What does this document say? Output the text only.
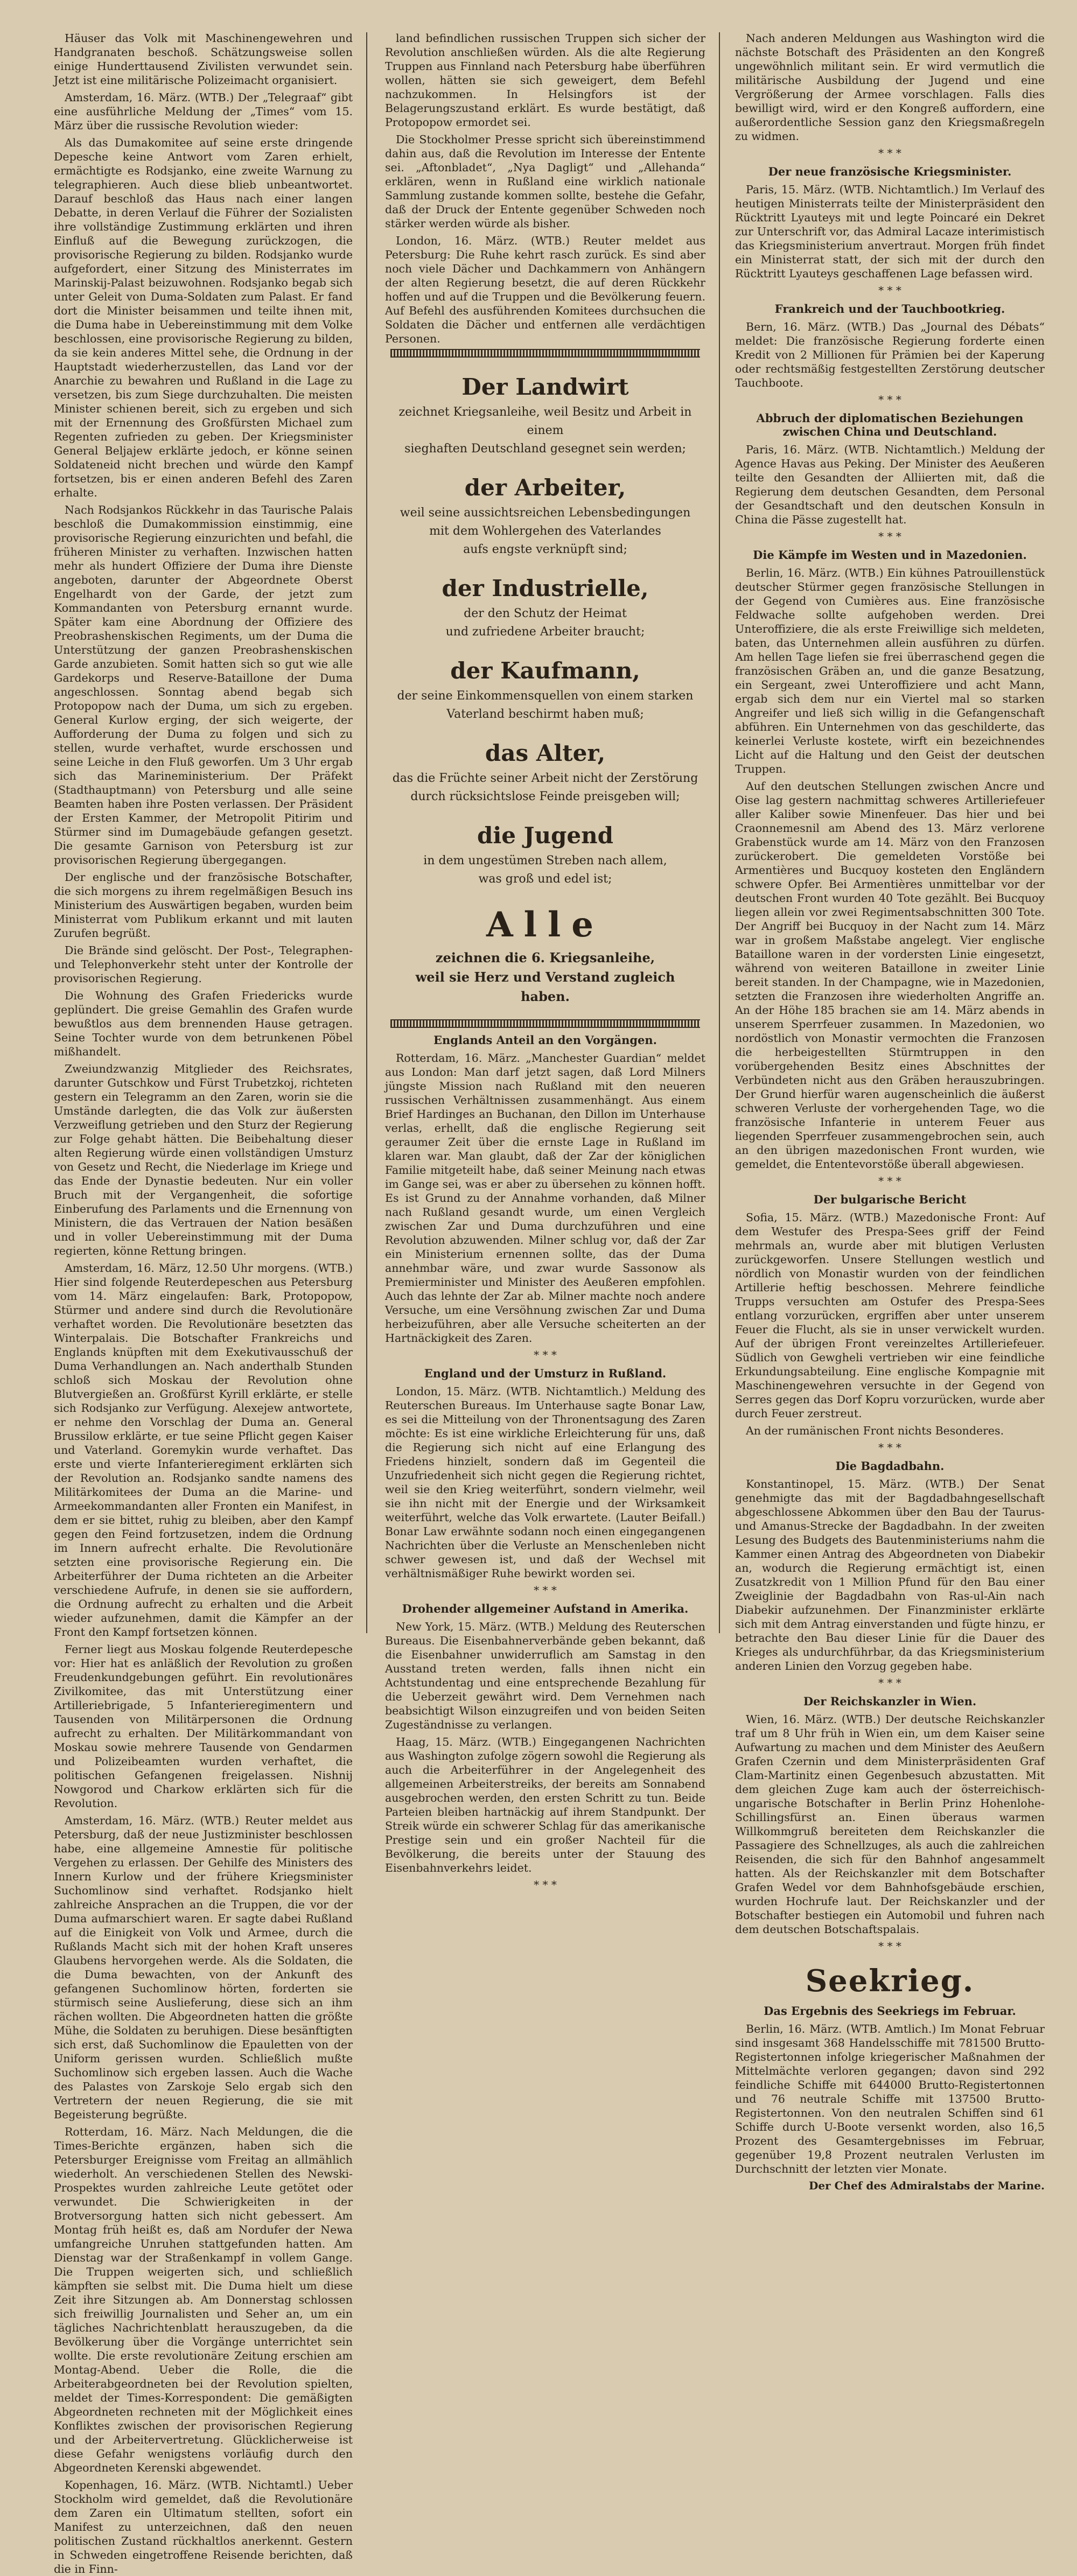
Häuser das Volk mit Maschinengewehren und Handgranaten beschoß. Schätzungsweise sollen einige Hunderttausend Zivilisten verwundet sein. Jetzt ist eine militärische Polizeimacht organisiert.

Amsterdam, 16. März. (WTB.) Der „Telegraaf“ gibt eine ausführliche Meldung der „Times“ vom 15. März über die russische Revolution wieder:

Als das Dumakomitee auf seine erste dringende Depesche keine Antwort vom Zaren erhielt, ermächtigte es Rodsjanko, eine zweite Warnung zu telegraphieren. Auch diese blieb unbeantwortet. Darauf beschloß das Haus nach einer langen Debatte, in deren Verlauf die Führer der Sozialisten ihre vollständige Zustimmung erklärten und ihren Einfluß auf die Bewegung zurückzogen, die provisorische Regierung zu bilden. Rodsjanko wurde aufgefordert, einer Sitzung des Ministerrates im Marinskij-Palast beizuwohnen. Rodsjanko begab sich unter Geleit von Duma-Soldaten zum Palast. Er fand dort die Minister beisammen und teilte ihnen mit, die Duma habe in Uebereinstimmung mit dem Volke beschlossen, eine provisorische Regierung zu bilden, da sie kein anderes Mittel sehe, die Ordnung in der Hauptstadt wiederherzustellen, das Land vor der Anarchie zu bewahren und Rußland in die Lage zu versetzen, bis zum Siege durchzuhalten. Die meisten Minister schienen bereit, sich zu ergeben und sich mit der Ernennung des Großfürsten Michael zum Regenten zufrieden zu geben. Der Kriegsminister General Beljajew erklärte jedoch, er könne seinen Soldateneid nicht brechen und würde den Kampf fortsetzen, bis er einen anderen Befehl des Zaren erhalte.

Nach Rodsjankos Rückkehr in das Taurische Palais beschloß die Dumakommission einstimmig, eine provisorische Regierung einzurichten und befahl, die früheren Minister zu verhaften. Inzwischen hatten mehr als hundert Offiziere der Duma ihre Dienste angeboten, darunter der Abgeordnete Oberst Engelhardt von der Garde, der jetzt zum Kommandanten von Petersburg ernannt wurde. Später kam eine Abordnung der Offiziere des Preobrashenskischen Regiments, um der Duma die Unterstützung der ganzen Preobrashenskischen Garde anzubieten. Somit hatten sich so gut wie alle Gardekorps und Reserve-Bataillone der Duma angeschlossen. Sonntag abend begab sich Protopopow nach der Duma, um sich zu ergeben. General Kurlow erging, der sich weigerte, der Aufforderung der Duma zu folgen und sich zu stellen, wurde verhaftet, wurde erschossen und seine Leiche in den Fluß geworfen. Um 3 Uhr ergab sich das Marineministerium. Der Präfekt (Stadthauptmann) von Petersburg und alle seine Beamten haben ihre Posten verlassen. Der Präsident der Ersten Kammer, der Metropolit Pitirim und Stürmer sind im Dumagebäude gefangen gesetzt. Die gesamte Garnison von Petersburg ist zur provisorischen Regierung übergegangen.

Der englische und der französische Botschafter, die sich morgens zu ihrem regelmäßigen Besuch ins Ministerium des Auswärtigen begaben, wurden beim Ministerrat vom Publikum erkannt und mit lauten Zurufen begrüßt.

Die Brände sind gelöscht. Der Post-, Telegraphen- und Telephonverkehr steht unter der Kontrolle der provisorischen Regierung.

Die Wohnung des Grafen Friedericks wurde geplündert. Die greise Gemahlin des Grafen wurde bewußtlos aus dem brennenden Hause getragen. Seine Tochter wurde von dem betrunkenen Pöbel mißhandelt.

Zweiundzwanzig Mitglieder des Reichsrates, darunter Gutschkow und Fürst Trubetzkoj, richteten gestern ein Telegramm an den Zaren, worin sie die Umstände darlegten, die das Volk zur äußersten Verzweiflung getrieben und den Sturz der Regierung zur Folge gehabt hätten. Die Beibehaltung dieser alten Regierung würde einen vollständigen Umsturz von Gesetz und Recht, die Niederlage im Kriege und das Ende der Dynastie bedeuten. Nur ein voller Bruch mit der Vergangenheit, die sofortige Einberufung des Parlaments und die Ernennung von Ministern, die das Vertrauen der Nation besäßen und in voller Uebereinstimmung mit der Duma regierten, könne Rettung bringen.

Amsterdam, 16. März, 12.50 Uhr morgens. (WTB.) Hier sind folgende Reuterdepeschen aus Petersburg vom 14. März eingelaufen: Bark, Protopopow, Stürmer und andere sind durch die Revolutionäre verhaftet worden. Die Revolutionäre besetzten das Winterpalais. Die Botschafter Frankreichs und Englands knüpften mit dem Exekutivausschuß der Duma Verhandlungen an. Nach anderthalb Stunden schloß sich Moskau der Revolution ohne Blutvergießen an. Großfürst Kyrill erklärte, er stelle sich Rodsjanko zur Verfügung. Alexejew antwortete, er nehme den Vorschlag der Duma an. General Brussilow erklärte, er tue seine Pflicht gegen Kaiser und Vaterland. Goremykin wurde verhaftet. Das erste und vierte Infanterieregiment erklärten sich der Revolution an. Rodsjanko sandte namens des Militärkomitees der Duma an die Marine- und Armeekommandanten aller Fronten ein Manifest, in dem er sie bittet, ruhig zu bleiben, aber den Kampf gegen den Feind fortzusetzen, indem die Ordnung im Innern aufrecht erhalte. Die Revolutionäre setzten eine provisorische Regierung ein. Die Arbeiterführer der Duma richteten an die Arbeiter verschiedene Aufrufe, in denen sie sie auffordern, die Ordnung aufrecht zu erhalten und die Arbeit wieder aufzunehmen, damit die Kämpfer an der Front den Kampf fortsetzen können.

Ferner liegt aus Moskau folgende Reuterdepesche vor: Hier hat es anläßlich der Revolution zu großen Freudenkundgebungen geführt. Ein revolutionäres Zivilkomitee, das mit Unterstützung einer Artilleriebrigade, 5 Infanterieregimentern und Tausenden von Militärpersonen die Ordnung aufrecht zu erhalten. Der Militärkommandant von Moskau sowie mehrere Tausende von Gendarmen und Polizeibeamten wurden verhaftet, die politischen Gefangenen freigelassen. Nishnij Nowgorod und Charkow erklärten sich für die Revolution.

Amsterdam, 16. März. (WTB.) Reuter meldet aus Petersburg, daß der neue Justizminister beschlossen habe, eine allgemeine Amnestie für politische Vergehen zu erlassen. Der Gehilfe des Ministers des Innern Kurlow und der frühere Kriegsminister Suchomlinow sind verhaftet. Rodsjanko hielt zahlreiche Ansprachen an die Truppen, die vor der Duma aufmarschiert waren. Er sagte dabei Rußland auf die Einigkeit von Volk und Armee, durch die Rußlands Macht sich mit der hohen Kraft unseres Glaubens hervorgehen werde. Als die Soldaten, die die Duma bewachten, von der Ankunft des gefangenen Suchomlinow hörten, forderten sie stürmisch seine Auslieferung, diese sich an ihm rächen wollten. Die Abgeordneten hatten die größte Mühe, die Soldaten zu beruhigen. Diese besänftigten sich erst, daß Suchomlinow die Epauletten von der Uniform gerissen wurden. Schließlich mußte Suchomlinow sich ergeben lassen. Auch die Wache des Palastes von Zarskoje Selo ergab sich den Vertretern der neuen Regierung, die sie mit Begeisterung begrüßte.

Rotterdam, 16. März. Nach Meldungen, die die Times-Berichte ergänzen, haben sich die Petersburger Ereignisse vom Freitag an allmählich wiederholt. An verschiedenen Stellen des Newski-Prospektes wurden zahlreiche Leute getötet oder verwundet. Die Schwierigkeiten in der Brotversorgung hatten sich nicht gebessert. Am Montag früh heißt es, daß am Nordufer der Newa umfangreiche Unruhen stattgefunden hatten. Am Dienstag war der Straßenkampf in vollem Gange. Die Truppen weigerten sich, und schließlich kämpften sie selbst mit. Die Duma hielt um diese Zeit ihre Sitzungen ab. Am Donnerstag schlossen sich freiwillig Journalisten und Seher an, um ein tägliches Nachrichtenblatt herauszugeben, da die Bevölkerung über die Vorgänge unterrichtet sein wollte. Die erste revolutionäre Zeitung erschien am Montag-Abend. Ueber die Rolle, die die Arbeiterabgeordneten bei der Revolution spielten, meldet der Times-Korrespondent: Die gemäßigten Abgeordneten rechneten mit der Möglichkeit eines Konfliktes zwischen der provisorischen Regierung und der Arbeitervertretung. Glücklicherweise ist diese Gefahr wenigstens vorläufig durch den Abgeordneten Kerenski abgewendet.

Kopenhagen, 16. März. (WTB. Nichtamtl.) Ueber Stockholm wird gemeldet, daß die Revolutionäre dem Zaren ein Ultimatum stellten, sofort ein Manifest zu unterzeichnen, daß den neuen politischen Zustand rückhaltlos anerkennt. Gestern in Schweden eingetroffene Reisende berichten, daß die in Finn-

land befindlichen russischen Truppen sich sicher der Revolution anschließen würden. Als die alte Regierung Truppen aus Finnland nach Petersburg habe überführen wollen, hätten sie sich geweigert, dem Befehl nachzukommen. In Helsingfors ist der Belagerungszustand erklärt. Es wurde bestätigt, daß Protopopow ermordet sei.

Die Stockholmer Presse spricht sich übereinstimmend dahin aus, daß die Revolution im Interesse der Entente sei. „Aftonbladet“, „Nya Dagligt“ und „Allehanda“ erklären, wenn in Rußland eine wirklich nationale Sammlung zustande kommen sollte, bestehe die Gefahr, daß der Druck der Entente gegenüber Schweden noch stärker werden würde als bisher.

London, 16. März. (WTB.) Reuter meldet aus Petersburg: Die Ruhe kehrt rasch zurück. Es sind aber noch viele Dächer und Dachkammern von Anhängern der alten Regierung besetzt, die auf deren Rückkehr hoffen und auf die Truppen und die Bevölkerung feuern. Auf Befehl des ausführenden Komitees durchsuchen die Soldaten die Dächer und entfernen alle verdächtigen Personen.

Der Landwirt
zeichnet Kriegsanleihe, weil Besitz und Arbeit in einem
sieghaften Deutschland gesegnet sein werden;
der Arbeiter,
weil seine aussichtsreichen Lebensbedingungen
mit dem Wohlergehen des Vaterlandes
aufs engste verknüpft sind;
der Industrielle,
der den Schutz der Heimat
und zufriedene Arbeiter braucht;
der Kaufmann,
der seine Einkommensquellen von einem starken
Vaterland beschirmt haben muß;
das Alter,
das die Früchte seiner Arbeit nicht der Zerstörung
durch rücksichtslose Feinde preisgeben will;
die Jugend
in dem ungestümen Streben nach allem,
was groß und edel ist;
Alle
zeichnen die 6. Kriegsanleihe,
weil sie Herz und Verstand zugleich haben.
Englands Anteil an den Vorgängen.

Rotterdam, 16. März. „Manchester Guardian“ meldet aus London: Man darf jetzt sagen, daß Lord Milners jüngste Mission nach Rußland mit den neueren russischen Verhältnissen zusammenhängt. Aus einem Brief Hardinges an Buchanan, den Dillon im Unterhause verlas, erhellt, daß die englische Regierung seit geraumer Zeit über die ernste Lage in Rußland im klaren war. Man glaubt, daß der Zar der königlichen Familie mitgeteilt habe, daß seiner Meinung nach etwas im Gange sei, was er aber zu übersehen zu können hofft. Es ist Grund zu der Annahme vorhanden, daß Milner nach Rußland gesandt wurde, um einen Vergleich zwischen Zar und Duma durchzuführen und eine Revolution abzuwenden. Milner schlug vor, daß der Zar ein Ministerium ernennen sollte, das der Duma annehmbar wäre, und zwar wurde Sassonow als Premierminister und Minister des Aeußeren empfohlen. Auch das lehnte der Zar ab. Milner machte noch andere Versuche, um eine Versöhnung zwischen Zar und Duma herbeizuführen, aber alle Versuche scheiterten an der Hartnäckigkeit des Zaren.

* * *
England und der Umsturz in Rußland.

London, 15. März. (WTB. Nichtamtlich.) Meldung des Reuterschen Bureaus. Im Unterhause sagte Bonar Law, es sei die Mitteilung von der Thronentsagung des Zaren möchte: Es ist eine wirkliche Erleichterung für uns, daß die Regierung sich nicht auf eine Erlangung des Friedens hinzielt, sondern daß im Gegenteil die Unzufriedenheit sich nicht gegen die Regierung richtet, weil sie den Krieg weiterführt, sondern vielmehr, weil sie ihn nicht mit der Energie und der Wirksamkeit weiterführt, welche das Volk erwartete. (Lauter Beifall.) Bonar Law erwähnte sodann noch einen eingegangenen Nachrichten über die Verluste an Menschenleben nicht schwer gewesen ist, und daß der Wechsel mit verhältnismäßiger Ruhe bewirkt worden sei.

* * *
Drohender allgemeiner Aufstand in Amerika.

New York, 15. März. (WTB.) Meldung des Reuterschen Bureaus. Die Eisenbahnerverbände geben bekannt, daß die Eisenbahner unwiderruflich am Samstag in den Ausstand treten werden, falls ihnen nicht ein Achtstundentag und eine entsprechende Bezahlung für die Ueberzeit gewährt wird. Dem Vernehmen nach beabsichtigt Wilson einzugreifen und von beiden Seiten Zugeständnisse zu verlangen.

Haag, 15. März. (WTB.) Eingegangenen Nachrichten aus Washington zufolge zögern sowohl die Regierung als auch die Arbeiterführer in der Angelegenheit des allgemeinen Arbeiterstreiks, der bereits am Sonnabend ausgebrochen werden, den ersten Schritt zu tun. Beide Parteien bleiben hartnäckig auf ihrem Standpunkt. Der Streik würde ein schwerer Schlag für das amerikanische Prestige sein und ein großer Nachteil für die Bevölkerung, die bereits unter der Stauung des Eisenbahnverkehrs leidet.

* * *

Nach anderen Meldungen aus Washington wird die nächste Botschaft des Präsidenten an den Kongreß ungewöhnlich militant sein. Er wird vermutlich die militärische Ausbildung der Jugend und eine Vergrößerung der Armee vorschlagen. Falls dies bewilligt wird, wird er den Kongreß auffordern, eine außerordentliche Session ganz den Kriegsmaßregeln zu widmen.

* * *
Der neue französische Kriegsminister.

Paris, 15. März. (WTB. Nichtamtlich.) Im Verlauf des heutigen Ministerrats teilte der Ministerpräsident den Rücktritt Lyauteys mit und legte Poincaré ein Dekret zur Unterschrift vor, das Admiral Lacaze interimistisch das Kriegsministerium anvertraut. Morgen früh findet ein Ministerrat statt, der sich mit der durch den Rücktritt Lyauteys geschaffenen Lage befassen wird.

* * *
Frankreich und der Tauchbootkrieg.

Bern, 16. März. (WTB.) Das „Journal des Débats“ meldet: Die französische Regierung forderte einen Kredit von 2 Millionen für Prämien bei der Kaperung oder rechtsmäßig festgestellten Zerstörung deutscher Tauchboote.

* * *
Abbruch der diplomatischen Beziehungen zwischen China und Deutschland.

Paris, 16. März. (WTB. Nichtamtlich.) Meldung der Agence Havas aus Peking. Der Minister des Aeußeren teilte den Gesandten der Alliierten mit, daß die Regierung dem deutschen Gesandten, dem Personal der Gesandtschaft und den deutschen Konsuln in China die Pässe zugestellt hat.

* * *
Die Kämpfe im Westen und in Mazedonien.

Berlin, 16. März. (WTB.) Ein kühnes Patrouillenstück deutscher Stürmer gegen französische Stellungen in der Gegend von Cumières aus. Eine französische Feldwache sollte aufgehoben werden. Drei Unteroffiziere, die als erste Freiwillige sich meldeten, baten, das Unternehmen allein ausführen zu dürfen. Am hellen Tage liefen sie frei überraschend gegen die französischen Gräben an, und die ganze Besatzung, ein Sergeant, zwei Unteroffiziere und acht Mann, ergab sich dem nur ein Viertel mal so starken Angreifer und ließ sich willig in die Gefangenschaft abführen. Ein Unternehmen von das geschilderte, das keinerlei Verluste kostete, wirft ein bezeichnendes Licht auf die Haltung und den Geist der deutschen Truppen.

Auf den deutschen Stellungen zwischen Ancre und Oise lag gestern nachmittag schweres Artilleriefeuer aller Kaliber sowie Minenfeuer. Das hier und bei Craonnemesnil am Abend des 13. März verlorene Grabenstück wurde am 14. März von den Franzosen zurückerobert. Die gemeldeten Vorstöße bei Armentières und Bucquoy kosteten den Engländern schwere Opfer. Bei Armentières unmittelbar vor der deutschen Front wurden 40 Tote gezählt. Bei Bucquoy liegen allein vor zwei Regimentsabschnitten 300 Tote. Der Angriff bei Bucquoy in der Nacht zum 14. März war in großem Maßstabe angelegt. Vier englische Bataillone waren in der vordersten Linie eingesetzt, während von weiteren Bataillone in zweiter Linie bereit standen. In der Champagne, wie in Mazedonien, setzten die Franzosen ihre wiederholten Angriffe an. An der Höhe 185 brachen sie am 14. März abends in unserem Sperrfeuer zusammen. In Mazedonien, wo nordöstlich von Monastir vermochten die Franzosen die herbeigestellten Stürmtruppen in den vorübergehenden Besitz eines Abschnittes der Verbündeten nicht aus den Gräben herauszubringen. Der Grund hierfür waren augenscheinlich die äußerst schweren Verluste der vorhergehenden Tage, wo die französische Infanterie in unterem Feuer aus liegenden Sperrfeuer zusammengebrochen sein, auch an den übrigen mazedonischen Front wurden, wie gemeldet, die Ententevorstöße überall abgewiesen.

* * *
Der bulgarische Bericht

Sofia, 15. März. (WTB.) Mazedonische Front: Auf dem Westufer des Prespa-Sees griff der Feind mehrmals an, wurde aber mit blutigen Verlusten zurückgeworfen. Unsere Stellungen westlich und nördlich von Monastir wurden von der feindlichen Artillerie heftig beschossen. Mehrere feindliche Trupps versuchten am Ostufer des Prespa-Sees entlang vorzurücken, ergriffen aber unter unserem Feuer die Flucht, als sie in unser verwickelt wurden. Auf der übrigen Front vereinzeltes Artilleriefeuer. Südlich von Gewgheli vertrieben wir eine feindliche Erkundungsabteilung. Eine englische Kompagnie mit Maschinengewehren versuchte in der Gegend von Serres gegen das Dorf Kopru vorzurücken, wurde aber durch Feuer zerstreut.

An der rumänischen Front nichts Besonderes.

* * *
Die Bagdadbahn.

Konstantinopel, 15. März. (WTB.) Der Senat genehmigte das mit der Bagdadbahngesellschaft abgeschlossene Abkommen über den Bau der Taurus- und Amanus-Strecke der Bagdadbahn. In der zweiten Lesung des Budgets des Bautenministeriums nahm die Kammer einen Antrag des Abgeordneten von Diabekir an, wodurch die Regierung ermächtigt ist, einen Zusatzkredit von 1 Million Pfund für den Bau einer Zweiglinie der Bagdadbahn von Ras-ul-Ain nach Diabekir aufzunehmen. Der Finanzminister erklärte sich mit dem Antrag einverstanden und fügte hinzu, er betrachte den Bau dieser Linie für die Dauer des Krieges als undurchführbar, da das Kriegsministerium anderen Linien den Vorzug gegeben habe.

* * *
Der Reichskanzler in Wien.

Wien, 16. März. (WTB.) Der deutsche Reichskanzler traf um 8 Uhr früh in Wien ein, um dem Kaiser seine Aufwartung zu machen und dem Minister des Aeußern Grafen Czernin und dem Ministerpräsidenten Graf Clam-Martinitz einen Gegenbesuch abzustatten. Mit dem gleichen Zuge kam auch der österreichisch-ungarische Botschafter in Berlin Prinz Hohenlohe-Schillingsfürst an. Einen überaus warmen Willkommgruß bereiteten dem Reichskanzler die Passagiere des Schnellzuges, als auch die zahlreichen Reisenden, die sich für den Bahnhof angesammelt hatten. Als der Reichskanzler mit dem Botschafter Grafen Wedel vor dem Bahnhofsgebäude erschien, wurden Hochrufe laut. Der Reichskanzler und der Botschafter bestiegen ein Automobil und fuhren nach dem deutschen Botschaftspalais.

* * *
Seekrieg.
Das Ergebnis des Seekriegs im Februar.

Berlin, 16. März. (WTB. Amtlich.) Im Monat Februar sind insgesamt 368 Handelsschiffe mit 781500 Brutto-Registertonnen infolge kriegerischer Maßnahmen der Mittelmächte verloren gegangen; davon sind 292 feindliche Schiffe mit 644000 Brutto-Registertonnen und 76 neutrale Schiffe mit 137500 Brutto-Registertonnen. Von den neutralen Schiffen sind 61 Schiffe durch U-Boote versenkt worden, also 16,5 Prozent des Gesamtergebnisses im Februar, gegenüber 19,8 Prozent neutralen Verlusten im Durchschnitt der letzten vier Monate.

Der Chef des Admiralstabs der Marine.
